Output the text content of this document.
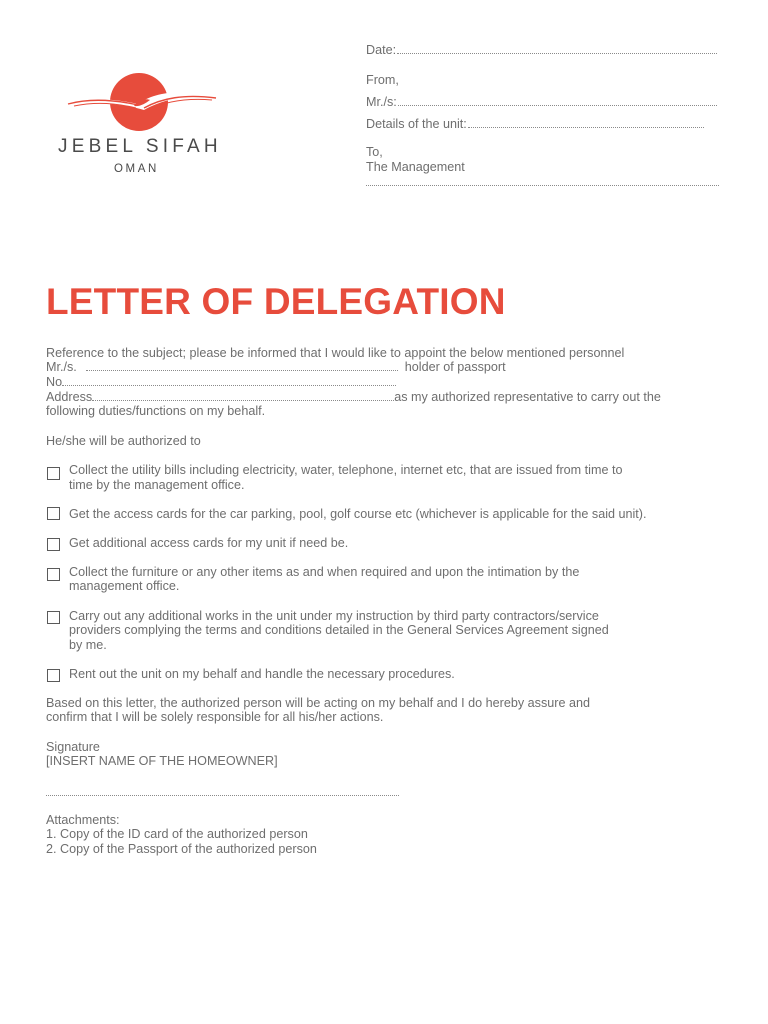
JEBEL SIFAH
OMAN
Date:
From,
Mr./s:
Details of the unit:
To,
The Management
LETTER OF DELEGATION
Reference to the subject; please be informed that I would like to appoint the below mentioned personnel
Mr./s.	holder of passport
No
Address	as my authorized representative to carry out the
following duties/functions on my behalf.
He/she will be authorized to
Collect the utility bills including electricity, water, telephone, internet etc, that are issued from time to
time by the management office.
Get the access cards for the car parking, pool, golf course etc (whichever is applicable for the said unit).
Get additional access cards for my unit if need be.
Collect the furniture or any other items as and when required and upon the intimation by the
management office.
Carry out any additional works in the unit under my instruction by third party contractors/service
providers complying the terms and conditions detailed in the General Services Agreement signed
by me.
Rent out the unit on my behalf and handle the necessary procedures.
Based on this letter, the authorized person will be acting on my behalf and I do hereby assure and
confirm that I will be solely responsible for all his/her actions.
Signature
[INSERT NAME OF THE HOMEOWNER]
Attachments:
1. Copy of the ID card of the authorized person
2. Copy of the Passport of the authorized person
